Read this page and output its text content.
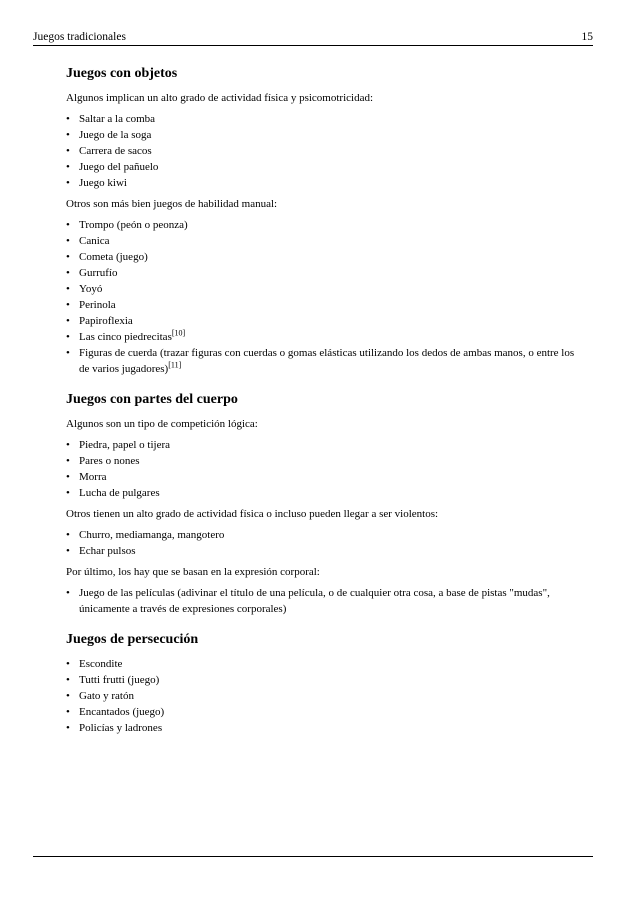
Juegos tradicionales	15
Juegos con objetos

Algunos implican un alto grado de actividad física y psicomotricidad:

• Saltar a la comba
• Juego de la soga
• Carrera de sacos
• Juego del pañuelo
• Juego kiwi

Otros son más bien juegos de habilidad manual:

• Trompo (peón o peonza)
• Canica
• Cometa (juego)
• Gurrufío
• Yoyó
• Perinola
• Papiroflexia
• Las cinco piedrecitas[10]
• Figuras de cuerda (trazar figuras con cuerdas o gomas elásticas utilizando los dedos de ambas manos, o entre los de varios jugadores)[11]
Juegos con partes del cuerpo

Algunos son un tipo de competición lógica:

• Piedra, papel o tijera
• Pares o nones
• Morra
• Lucha de pulgares

Otros tienen un alto grado de actividad física o incluso pueden llegar a ser violentos:

• Churro, mediamanga, mangotero
• Echar pulsos

Por último, los hay que se basan en la expresión corporal:

• Juego de las películas (adivinar el título de una película, o de cualquier otra cosa, a base de pistas "mudas", únicamente a través de expresiones corporales)
Juegos de persecución
• Escondite
• Tutti frutti (juego)
• Gato y ratón
• Encantados (juego)
• Policías y ladrones
